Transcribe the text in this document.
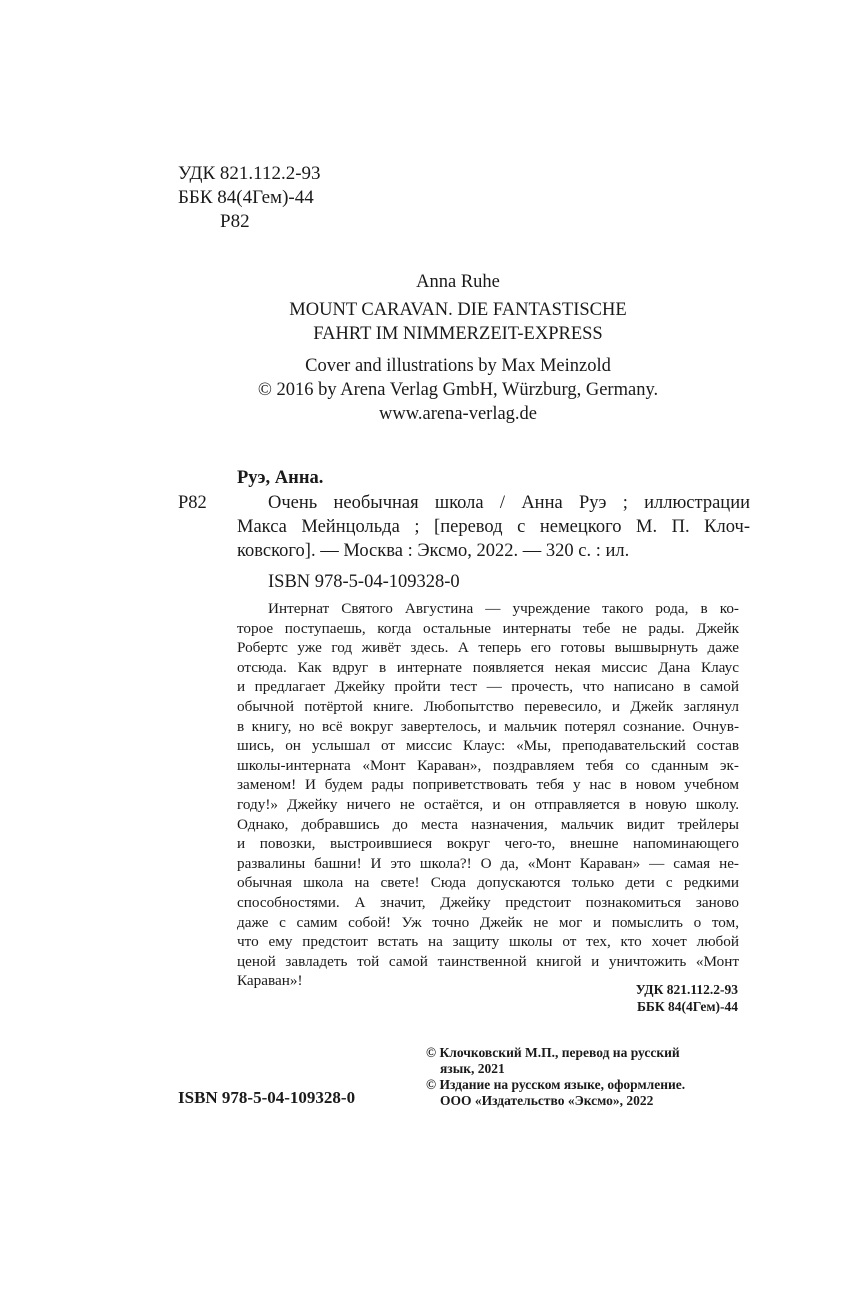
УДК 821.112.2-93
ББК 84(4Гем)-44
Р82
Anna Ruhe
MOUNT CARAVAN. DIE FANTASTISCHE
FAHRT IM NIMMERZEIT-EXPRESS
Cover and illustrations by Max Meinzold
© 2016 by Arena Verlag GmbH, Würzburg, Germany.
www.arena-verlag.de
Руэ, Анна.
Р82	Очень необычная школа / Анна Руэ ; иллюстрации
Макса Мейнцольда ; [перевод с немецкого М. П. Клоч-
ковского]. — Москва : Эксмо, 2022. — 320 с. : ил.
ISBN 978-5-04-109328-0
Интернат Святого Августина — учреждение такого рода, в ко-
торое поступаешь, когда остальные интернаты тебе не рады. Джейк
Робертс уже год живёт здесь. А теперь его готовы вышвырнуть даже
отсюда. Как вдруг в интернате появляется некая миссис Дана Клаус
и предлагает Джейку пройти тест — прочесть, что написано в самой
обычной потёртой книге. Любопытство перевесило, и Джейк заглянул
в книгу, но всё вокруг завертелось, и мальчик потерял сознание. Очнув-
шись, он услышал от миссис Клаус: «Мы, преподавательский состав
школы-интерната «Монт Караван», поздравляем тебя со сданным эк-
заменом! И будем рады поприветствовать тебя у нас в новом учебном
году!» Джейку ничего не остаётся, и он отправляется в новую школу.
Однако, добравшись до места назначения, мальчик видит трейлеры
и повозки, выстроившиеся вокруг чего-то, внешне напоминающего
развалины башни! И это школа?! О да, «Монт Караван» — самая не-
обычная школа на свете! Сюда допускаются только дети с редкими
способностями. А значит, Джейку предстоит познакомиться заново
даже с самим собой! Уж точно Джейк не мог и помыслить о том,
что ему предстоит встать на защиту школы от тех, кто хочет любой
ценой завладеть той самой таинственной книгой и уничтожить «Монт
Караван»!
УДК 821.112.2-93
ББК 84(4Гем)-44
© Клочковский М.П., перевод на русский
язык, 2021
© Издание на русском языке, оформление.
ООО «Издательство «Эксмо», 2022
ISBN 978-5-04-109328-0
